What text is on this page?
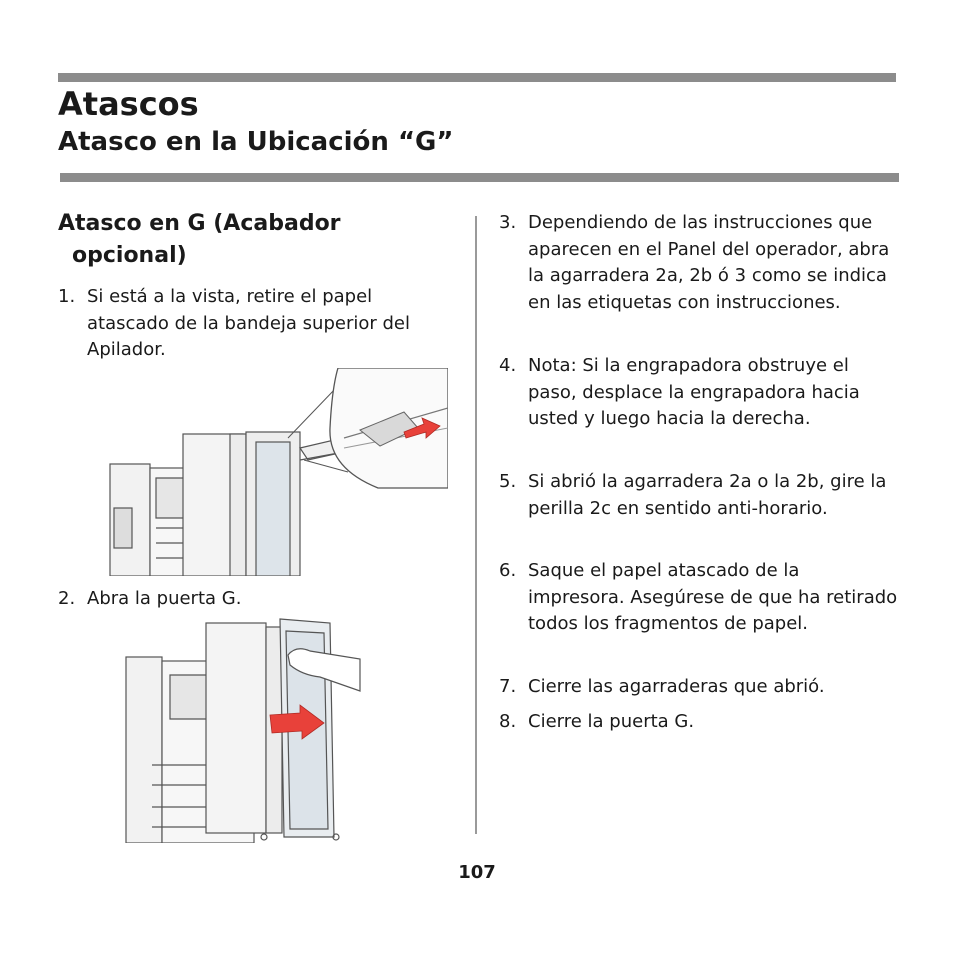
Atascos
Atasco en la Ubicación “G”
Atasco en G (Acabador
opcional)
1. Si está a la vista, retire el papel atascado de la bandeja superior del Apilador.
2. Abra la puerta G.
3. Dependiendo de las instrucciones que aparecen en el Panel del operador, abra la agarradera 2a, 2b ó 3 como se indica en las etiquetas con instrucciones.
4. Nota: Si la engrapadora obstruye el paso, desplace la engrapadora hacia usted y luego hacia la derecha.
5. Si abrió la agarradera 2a o la 2b, gire la perilla 2c en sentido anti-horario.
6. Saque el papel atascado de la impresora. Asegúrese de que ha retirado todos los fragmentos de papel.
7. Cierre las agarraderas que abrió.
8. Cierre la puerta G.
107
